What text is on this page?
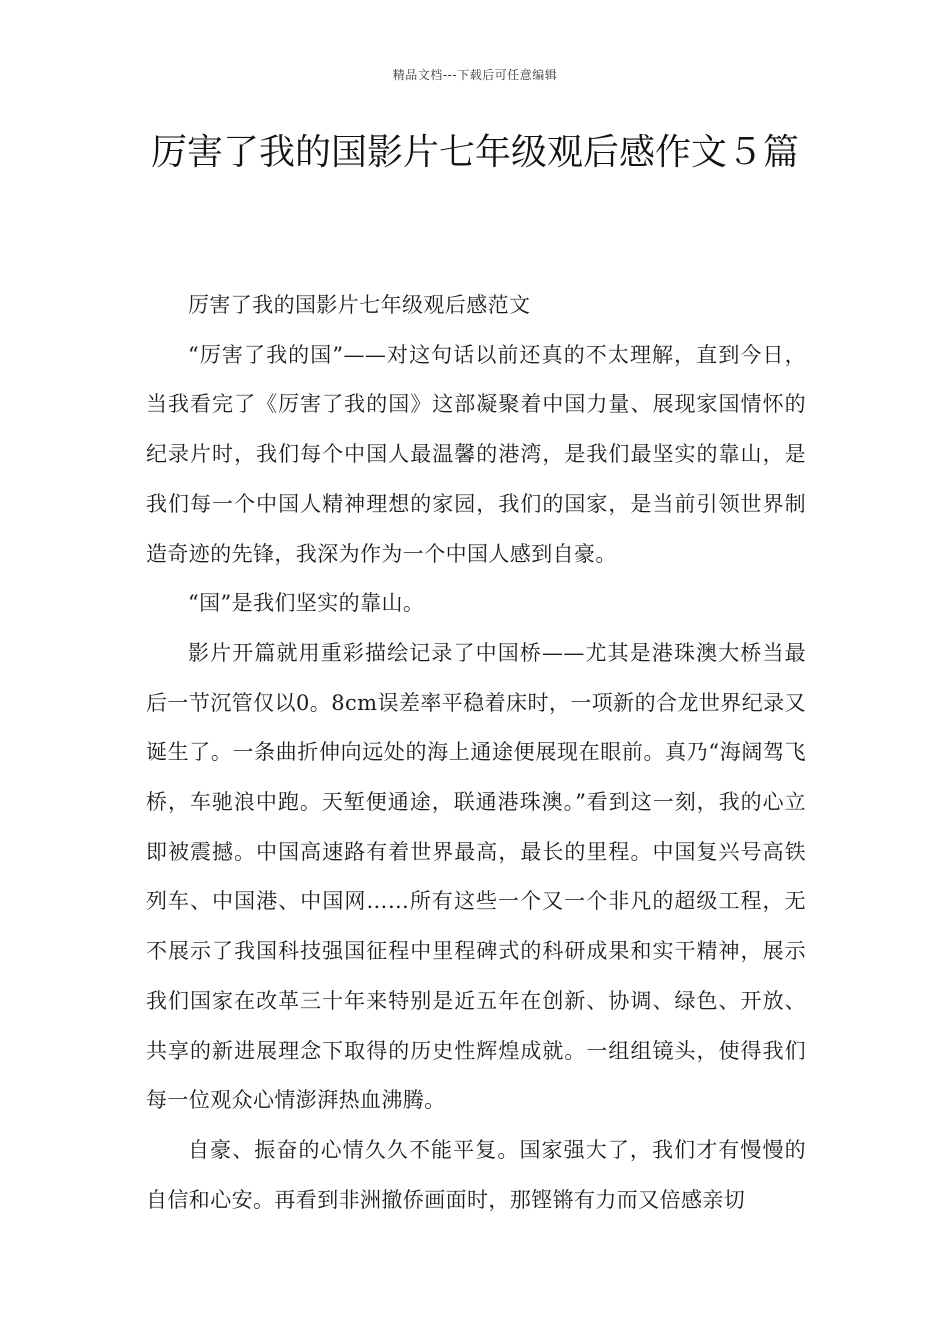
精品文档---下载后可任意编辑
厉害了我的国影片七年级观后感作文５篇

厉害了我的国影片七年级观后感范文

“厉害了我的国”——对这句话以前还真的不太理解，直到今日，当我看完了《厉害了我的国》这部凝聚着中国力量、展现家国情怀的纪录片时，我们每个中国人最温馨的港湾，是我们最坚实的靠山，是我们每一个中国人精神理想的家园，我们的国家，是当前引领世界制造奇迹的先锋，我深为作为一个中国人感到自豪。

“国”是我们坚实的靠山。

影片开篇就用重彩描绘记录了中国桥——尤其是港珠澳大桥当最后一节沉管仅以0。8cm误差率平稳着床时，一项新的合龙世界纪录又诞生了。一条曲折伸向远处的海上通途便展现在眼前。真乃“海阔驾飞桥，车驰浪中跑。天堑便通途，联通港珠澳。”看到这一刻，我的心立即被震撼。中国高速路有着世界最高，最长的里程。中国复兴号高铁列车、中国港、中国网……所有这些一个又一个非凡的超级工程，无不展示了我国科技强国征程中里程碑式的科研成果和实干精神，展示我们国家在改革三十年来特别是近五年在创新、协调、绿色、开放、共享的新进展理念下取得的历史性辉煌成就。一组组镜头，使得我们每一位观众心情澎湃热血沸腾。

自豪、振奋的心情久久不能平复。国家强大了，我们才有慢慢的自信和心安。再看到非洲撤侨画面时，那铿锵有力而又倍感亲切
